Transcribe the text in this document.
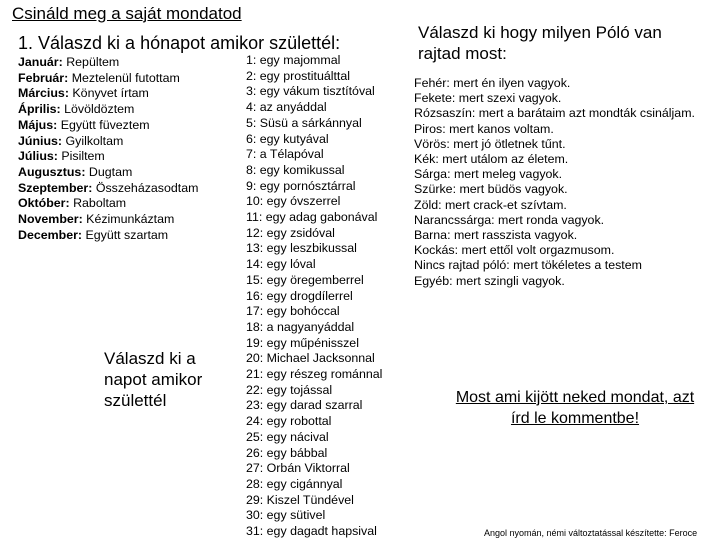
Csináld meg a saját mondatod
1. Válaszd ki a hónapot amikor születtél:
Január: Repültem
Február: Meztelenül futottam
Március: Könyvet írtam
Április: Lövöldöztem
Május: Együtt füveztem
Június: Gyilkoltam
Július: Pisiltem
Augusztus: Dugtam
Szeptember: Összeházasodtam
Október: Raboltam
November: Kézimunkáztam
December: Együtt szartam
1: egy majommal
2: egy prostituálttal
3: egy vákum tisztítóval
4: az anyáddal
5: Süsü a sárkánnyal
6: egy kutyával
7: a Télapóval
8: egy komikussal
9: egy pornósztárral
10: egy óvszerrel
11: egy adag gabonával
12: egy zsidóval
13: egy leszbikussal
14: egy lóval
15: egy öregemberrel
16: egy drogdílerrel
17: egy bohóccal
18: a nagyanyáddal
19: egy műpénisszel
20: Michael Jacksonnal
21: egy részeg románnal
22: egy tojással
23: egy darad szarral
24: egy robottal
25: egy nácival
26: egy bábbal
27: Orbán Viktorral
28: egy cigánnyal
29: Kiszel Tündével
30: egy sütivel
31: egy dagadt hapsival
Válaszd ki a napot amikor születtél
Válaszd ki hogy milyen Póló van rajtad most:
Fehér: mert én ilyen vagyok.
Fekete: mert szexi vagyok.
Rózsaszín: mert a barátaim azt mondták csináljam.
Piros: mert kanos voltam.
Vörös: mert jó ötletnek tűnt.
Kék: mert utálom az életem.
Sárga: mert meleg vagyok.
Szürke: mert büdös vagyok.
Zöld: mert crack-et szívtam.
Narancssárga: mert ronda vagyok.
Barna: mert rasszista vagyok.
Kockás: mert ettől volt orgazmusom.
Nincs rajtad póló: mert tökéletes a testem
Egyéb: mert szingli vagyok.
Most ami kijött neked mondat, azt írd le kommentbe!
Angol nyomán, némi változtatással készítette: Feroce
